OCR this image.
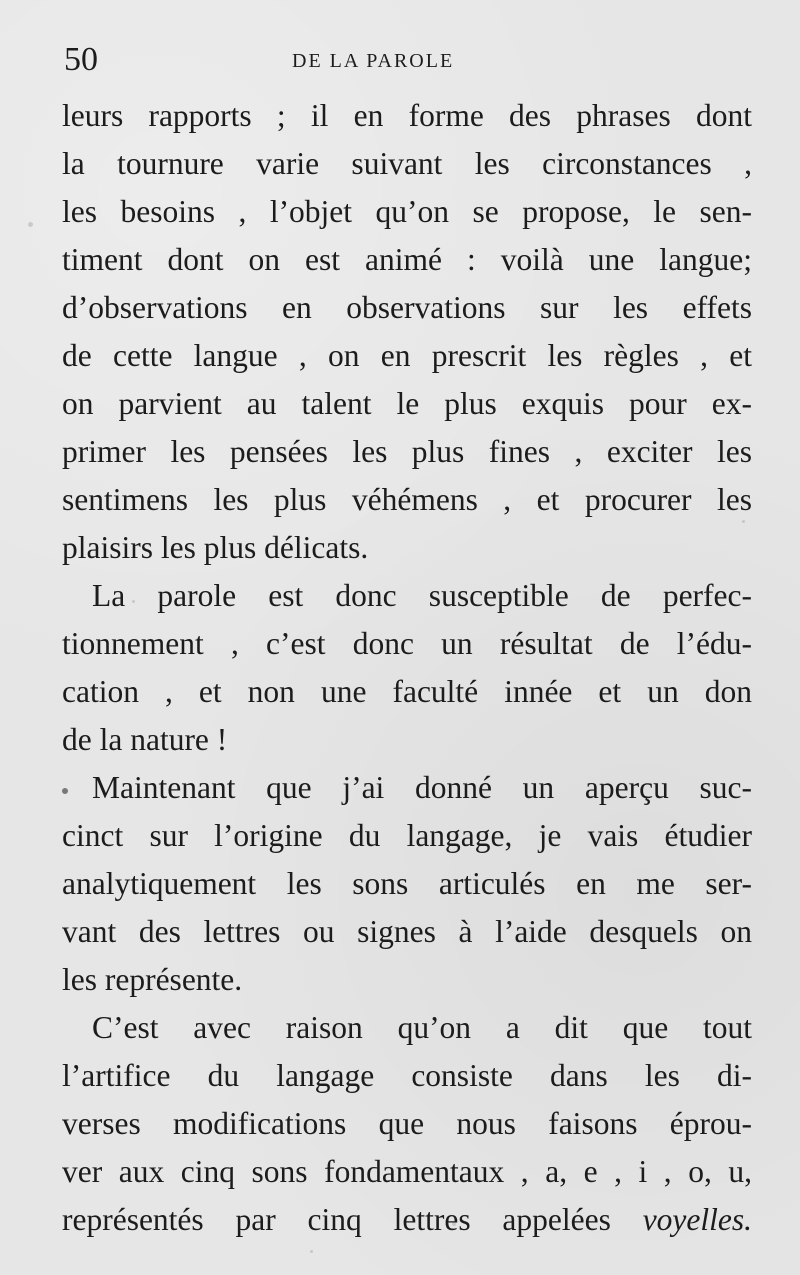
50	DE LA PAROLE
leurs rapports ; il en forme des phrases dont
la tournure varie suivant les circonstances ,
les besoins , l’objet qu’on se propose, le sen-
timent dont on est animé : voilà une langue;
d’observations en observations sur les effets
de cette langue , on en prescrit les règles , et
on parvient au talent le plus exquis pour ex-
primer les pensées les plus fines , exciter les
sentimens les plus véhémens , et procurer les
plaisirs les plus délicats.
La parole est donc susceptible de perfec-
tionnement , c’est donc un résultat de l’édu-
cation , et non une faculté innée et un don
de la nature !
Maintenant que j’ai donné un aperçu suc-
cinct sur l’origine du langage, je vais étudier
analytiquement les sons articulés en me ser-
vant des lettres ou signes à l’aide desquels on
les représente.
C’est avec raison qu’on a dit que tout
l’artifice du langage consiste dans les di-
verses modifications que nous faisons éprou-
ver aux cinq sons fondamentaux , a, e , i , o, u,
représentés par cinq lettres appelées voyelles.
